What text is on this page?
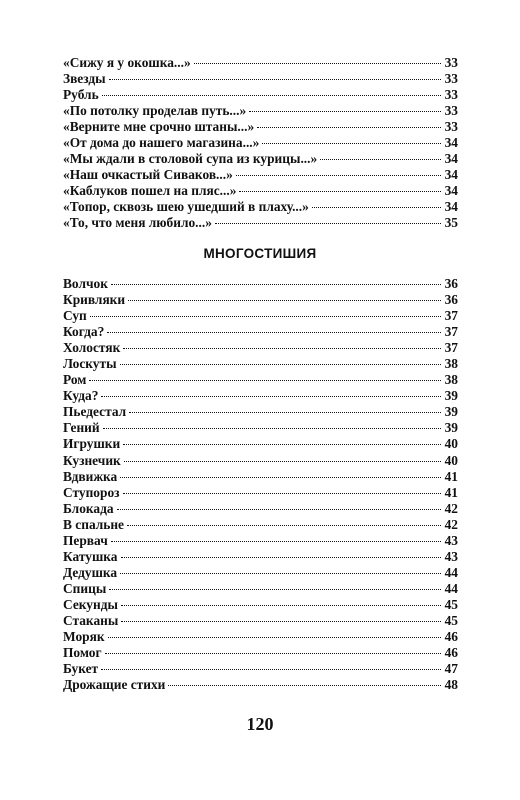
«Сижу я у окошка...»	33
Звезды	33
Рубль	33
«По потолку проделав путь...»	33
«Верните мне срочно штаны...»	33
«От дома до нашего магазина...»	34
«Мы ждали в столовой супа из курицы...»	34
«Наш очкастый Сиваков...»	34
«Каблуков пошел на пляс...»	34
«Топор, сквозь шею ушедший в плаху...»	34
«То, что меня любило...»	35
МНОГОСТИШИЯ
Волчок	36
Кривляки	36
Суп	37
Когда?	37
Холостяк	37
Лоскуты	38
Ром	38
Куда?	39
Пьедестал	39
Гений	39
Игрушки	40
Кузнечик	40
Вдвижка	41
Ступороз	41
Блокада	42
В спальне	42
Первач	43
Катушка	43
Дедушка	44
Спицы	44
Секунды	45
Стаканы	45
Моряк	46
Помог	46
Букет	47
Дрожащие стихи	48
120
